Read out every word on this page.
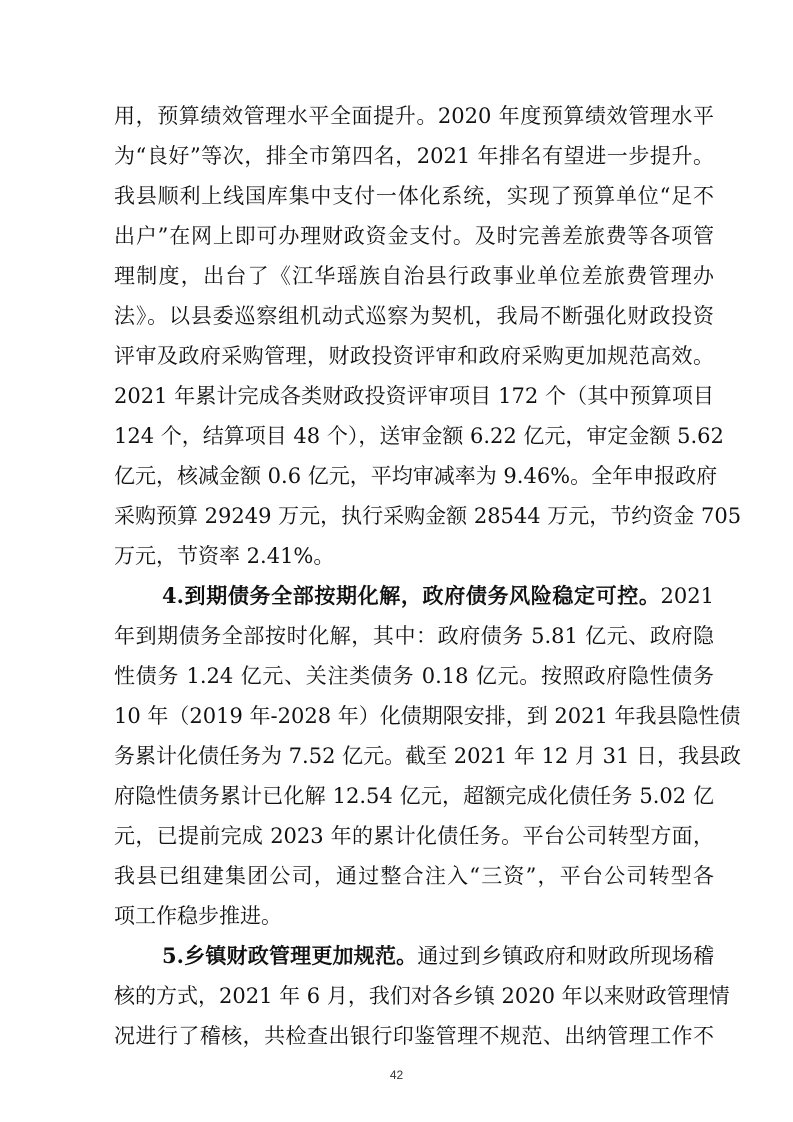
用，预算绩效管理水平全面提升。2020 年度预算绩效管理水平
为“良好”等次，排全市第四名，2021 年排名有望进一步提升。
我县顺利上线国库集中支付一体化系统，实现了预算单位“足不
出户”在网上即可办理财政资金支付。及时完善差旅费等各项管
理制度，出台了《江华瑶族自治县行政事业单位差旅费管理办
法》。以县委巡察组机动式巡察为契机，我局不断强化财政投资
评审及政府采购管理，财政投资评审和政府采购更加规范高效。
2021 年累计完成各类财政投资评审项目 172 个（其中预算项目
124 个，结算项目 48 个），送审金额 6.22 亿元，审定金额 5.62
亿元，核减金额 0.6 亿元，平均审减率为 9.46%。全年申报政府
采购预算 29249 万元，执行采购金额 28544 万元，节约资金 705
万元，节资率 2.41%。
4.到期债务全部按期化解，政府债务风险稳定可控。2021
年到期债务全部按时化解，其中：政府债务 5.81 亿元、政府隐
性债务 1.24 亿元、关注类债务 0.18 亿元。按照政府隐性债务
10 年（2019 年-2028 年）化债期限安排，到 2021 年我县隐性债
务累计化债任务为 7.52 亿元。截至 2021 年 12 月 31 日，我县政
府隐性债务累计已化解 12.54 亿元，超额完成化债任务 5.02 亿
元，已提前完成 2023 年的累计化债任务。平台公司转型方面，
我县已组建集团公司，通过整合注入“三资”，平台公司转型各
项工作稳步推进。
5.乡镇财政管理更加规范。通过到乡镇政府和财政所现场稽
核的方式，2021 年 6 月，我们对各乡镇 2020 年以来财政管理情
况进行了稽核，共检查出银行印鉴管理不规范、出纳管理工作不
42
